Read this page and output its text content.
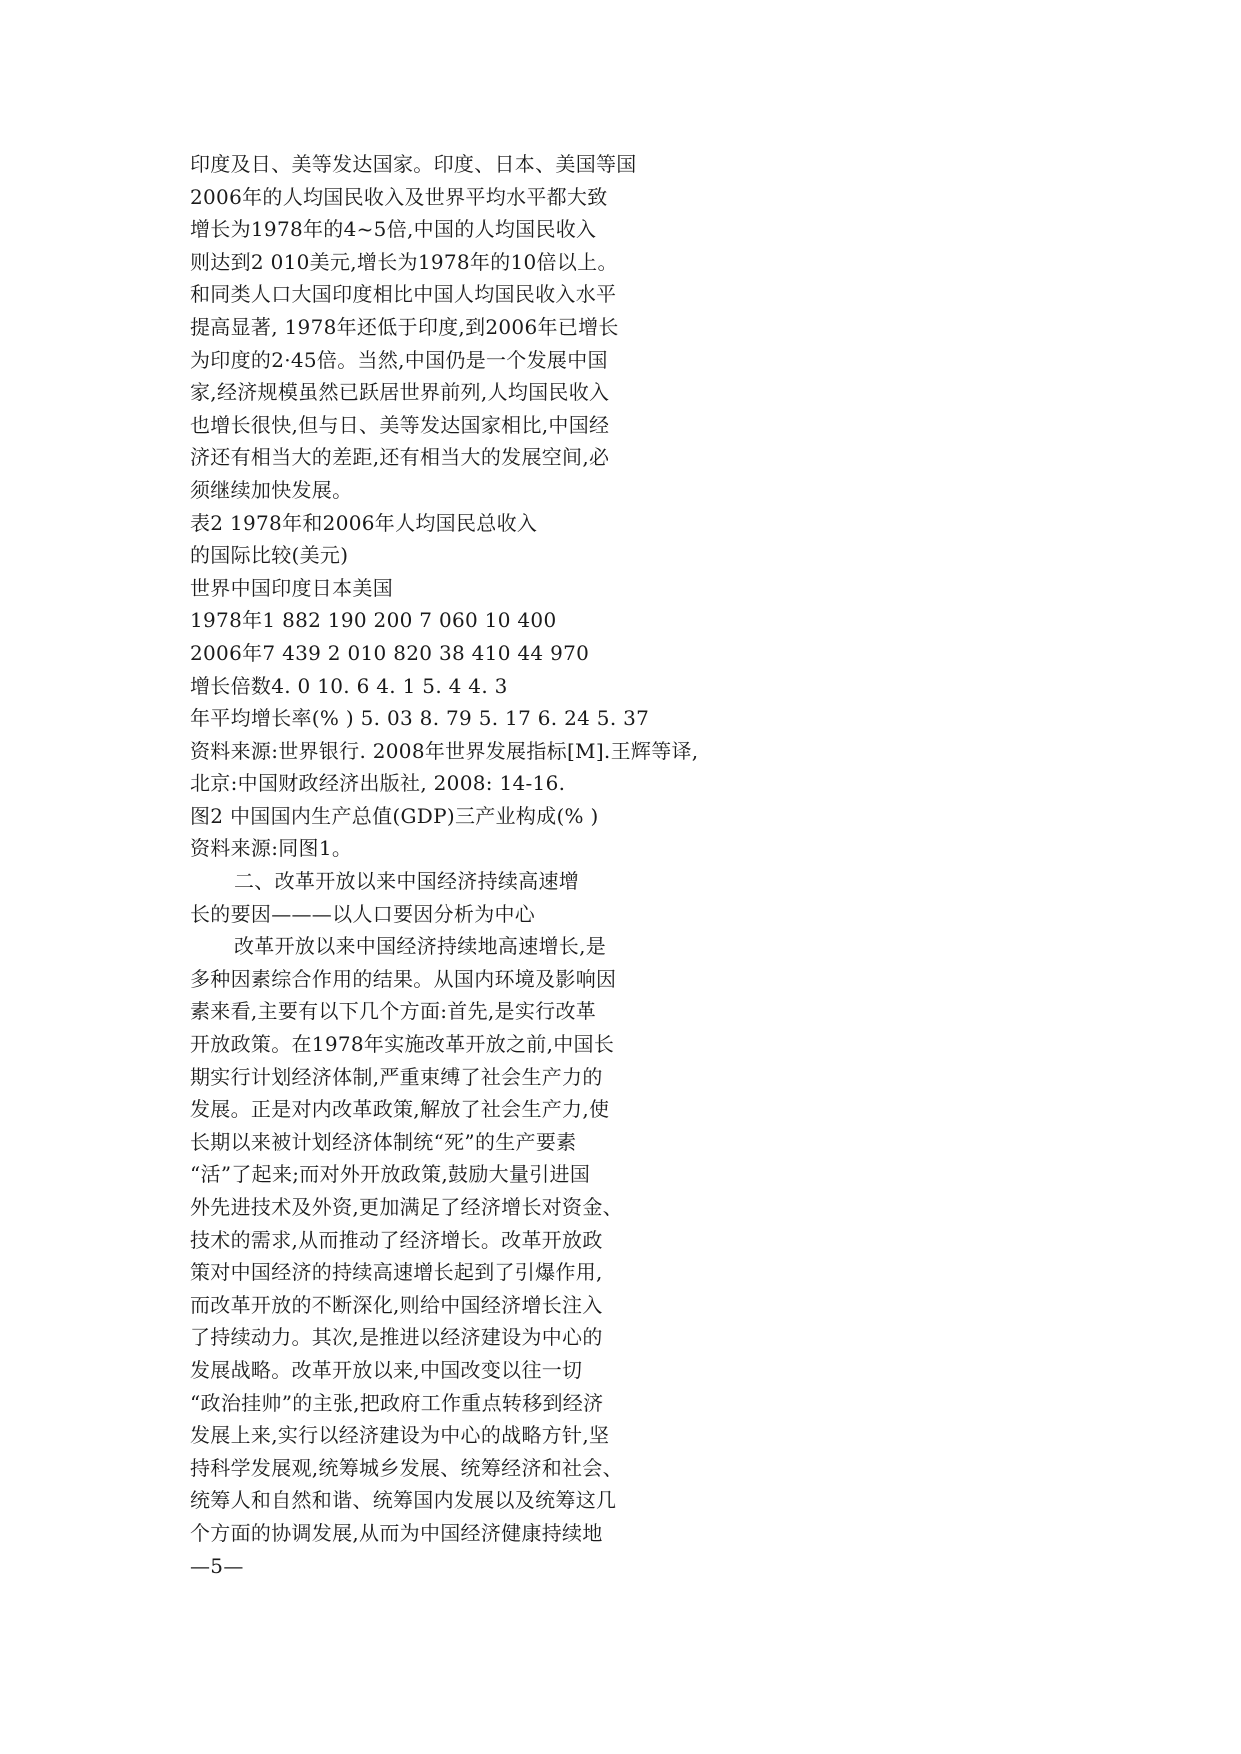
印度及日、美等发达国家。印度、日本、美国等国
2006年的人均国民收入及世界平均水平都大致
增长为1978年的4~5倍,中国的人均国民收入
则达到2 010美元,增长为1978年的10倍以上。
和同类人口大国印度相比中国人均国民收入水平
提高显著, 1978年还低于印度,到2006年已增长
为印度的2·45倍。当然,中国仍是一个发展中国
家,经济规模虽然已跃居世界前列,人均国民收入
也增长很快,但与日、美等发达国家相比,中国经
济还有相当大的差距,还有相当大的发展空间,必
须继续加快发展。
表2 1978年和2006年人均国民总收入
的国际比较(美元)
世界中国印度日本美国
1978年1 882 190 200 7 060 10 400
2006年7 439 2 010 820 38 410 44 970
增长倍数4. 0 10. 6 4. 1 5. 4 4. 3
年平均增长率(% ) 5. 03 8. 79 5. 17 6. 24 5. 37
资料来源:世界银行. 2008年世界发展指标[M].王辉等译,
北京:中国财政经济出版社, 2008: 14-16.
图2 中国国内生产总值(GDP)三产业构成(% )
资料来源:同图1。
二、改革开放以来中国经济持续高速增
长的要因———以人口要因分析为中心
改革开放以来中国经济持续地高速增长,是
多种因素综合作用的结果。从国内环境及影响因
素来看,主要有以下几个方面:首先,是实行改革
开放政策。在1978年实施改革开放之前,中国长
期实行计划经济体制,严重束缚了社会生产力的
发展。正是对内改革政策,解放了社会生产力,使
长期以来被计划经济体制统“死”的生产要素
“活”了起来;而对外开放政策,鼓励大量引进国
外先进技术及外资,更加满足了经济增长对资金、
技术的需求,从而推动了经济增长。改革开放政
策对中国经济的持续高速增长起到了引爆作用,
而改革开放的不断深化,则给中国经济增长注入
了持续动力。其次,是推进以经济建设为中心的
发展战略。改革开放以来,中国改变以往一切
“政治挂帅”的主张,把政府工作重点转移到经济
发展上来,实行以经济建设为中心的战略方针,坚
持科学发展观,统筹城乡发展、统筹经济和社会、
统筹人和自然和谐、统筹国内发展以及统筹这几
个方面的协调发展,从而为中国经济健康持续地
—5—
